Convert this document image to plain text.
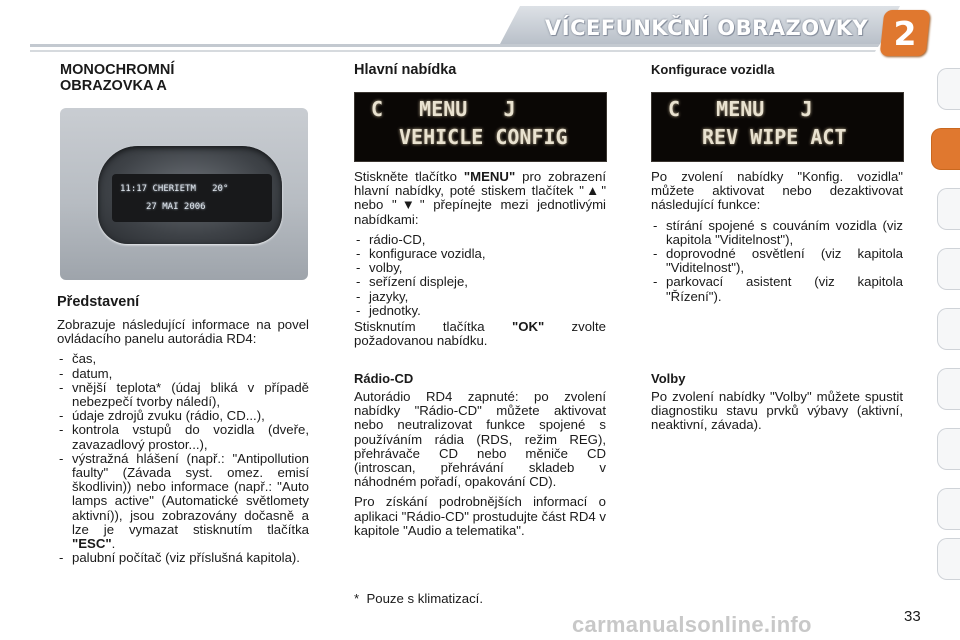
VÍCEFUNKČNÍ OBRAZOVKY 2
MONOCHROMNÍ
OBRAZOVKA A
11:17 CHERIETM   20°
27 MAI 2006
Představení

Zobrazuje následující informace na povel ovládacího panelu autorádia RD4:

- čas,
- datum,
- vnější teplota* (údaj bliká v případě nebezpečí tvorby náledí),
- údaje zdrojů zvuku (rádio, CD...),
- kontrola vstupů do vozidla (dveře, zavazadlový prostor...),
- výstražná hlášení (např.: "Antipollution faulty" (Závada syst. omez. emisí škodlivin)) nebo informace (např.: "Auto lamps active" (Automatické světlomety aktivní)), jsou zobrazovány dočasně a lze je vymazat stisknutím tlačítka "ESC".
- palubní počítač (viz příslušná kapitola).
Hlavní nabídka
C   MENU   J
VEHICLE CONFIG

Stiskněte tlačítko "MENU" pro zobrazení hlavní nabídky, poté stiskem tlačítek "▲" nebo "▼" přepínejte mezi jednotlivými nabídkami:

- rádio-CD,
- konfigurace vozidla,
- volby,
- seřízení displeje,
- jazyky,
- jednotky.

Stisknutím tlačítka "OK" zvolte požadovanou nabídku.

Rádio-CD

Autorádio RD4 zapnuté: po zvolení nabídky "Rádio-CD" můžete aktivovat nebo neutralizovat funkce spojené s používáním rádia (RDS, režim REG), přehrávače CD nebo měniče CD (introscan, přehrávání skladeb v náhodném pořadí, opakování CD).

Pro získání podrobnějších informací o aplikaci "Rádio-CD" prostudujte část RD4 v kapitole "Audio a telematika".

*  Pouze s klimatizací.

Konfigurace vozidla
C   MENU   J
REV WIPE ACT

Po zvolení nabídky "Konfig. vozidla" můžete aktivovat nebo dezaktivovat následující funkce:

- stírání spojené s couváním vozidla (viz kapitola "Viditelnost"),
- doprovodné osvětlení (viz kapitola "Viditelnost"),
- parkovací asistent (viz kapitola "Řízení").
Volby

Po zvolení nabídky "Volby" můžete spustit diagnostiku stavu prvků výbavy (aktivní, neaktivní, závada).

carmanualsonline.info	33
